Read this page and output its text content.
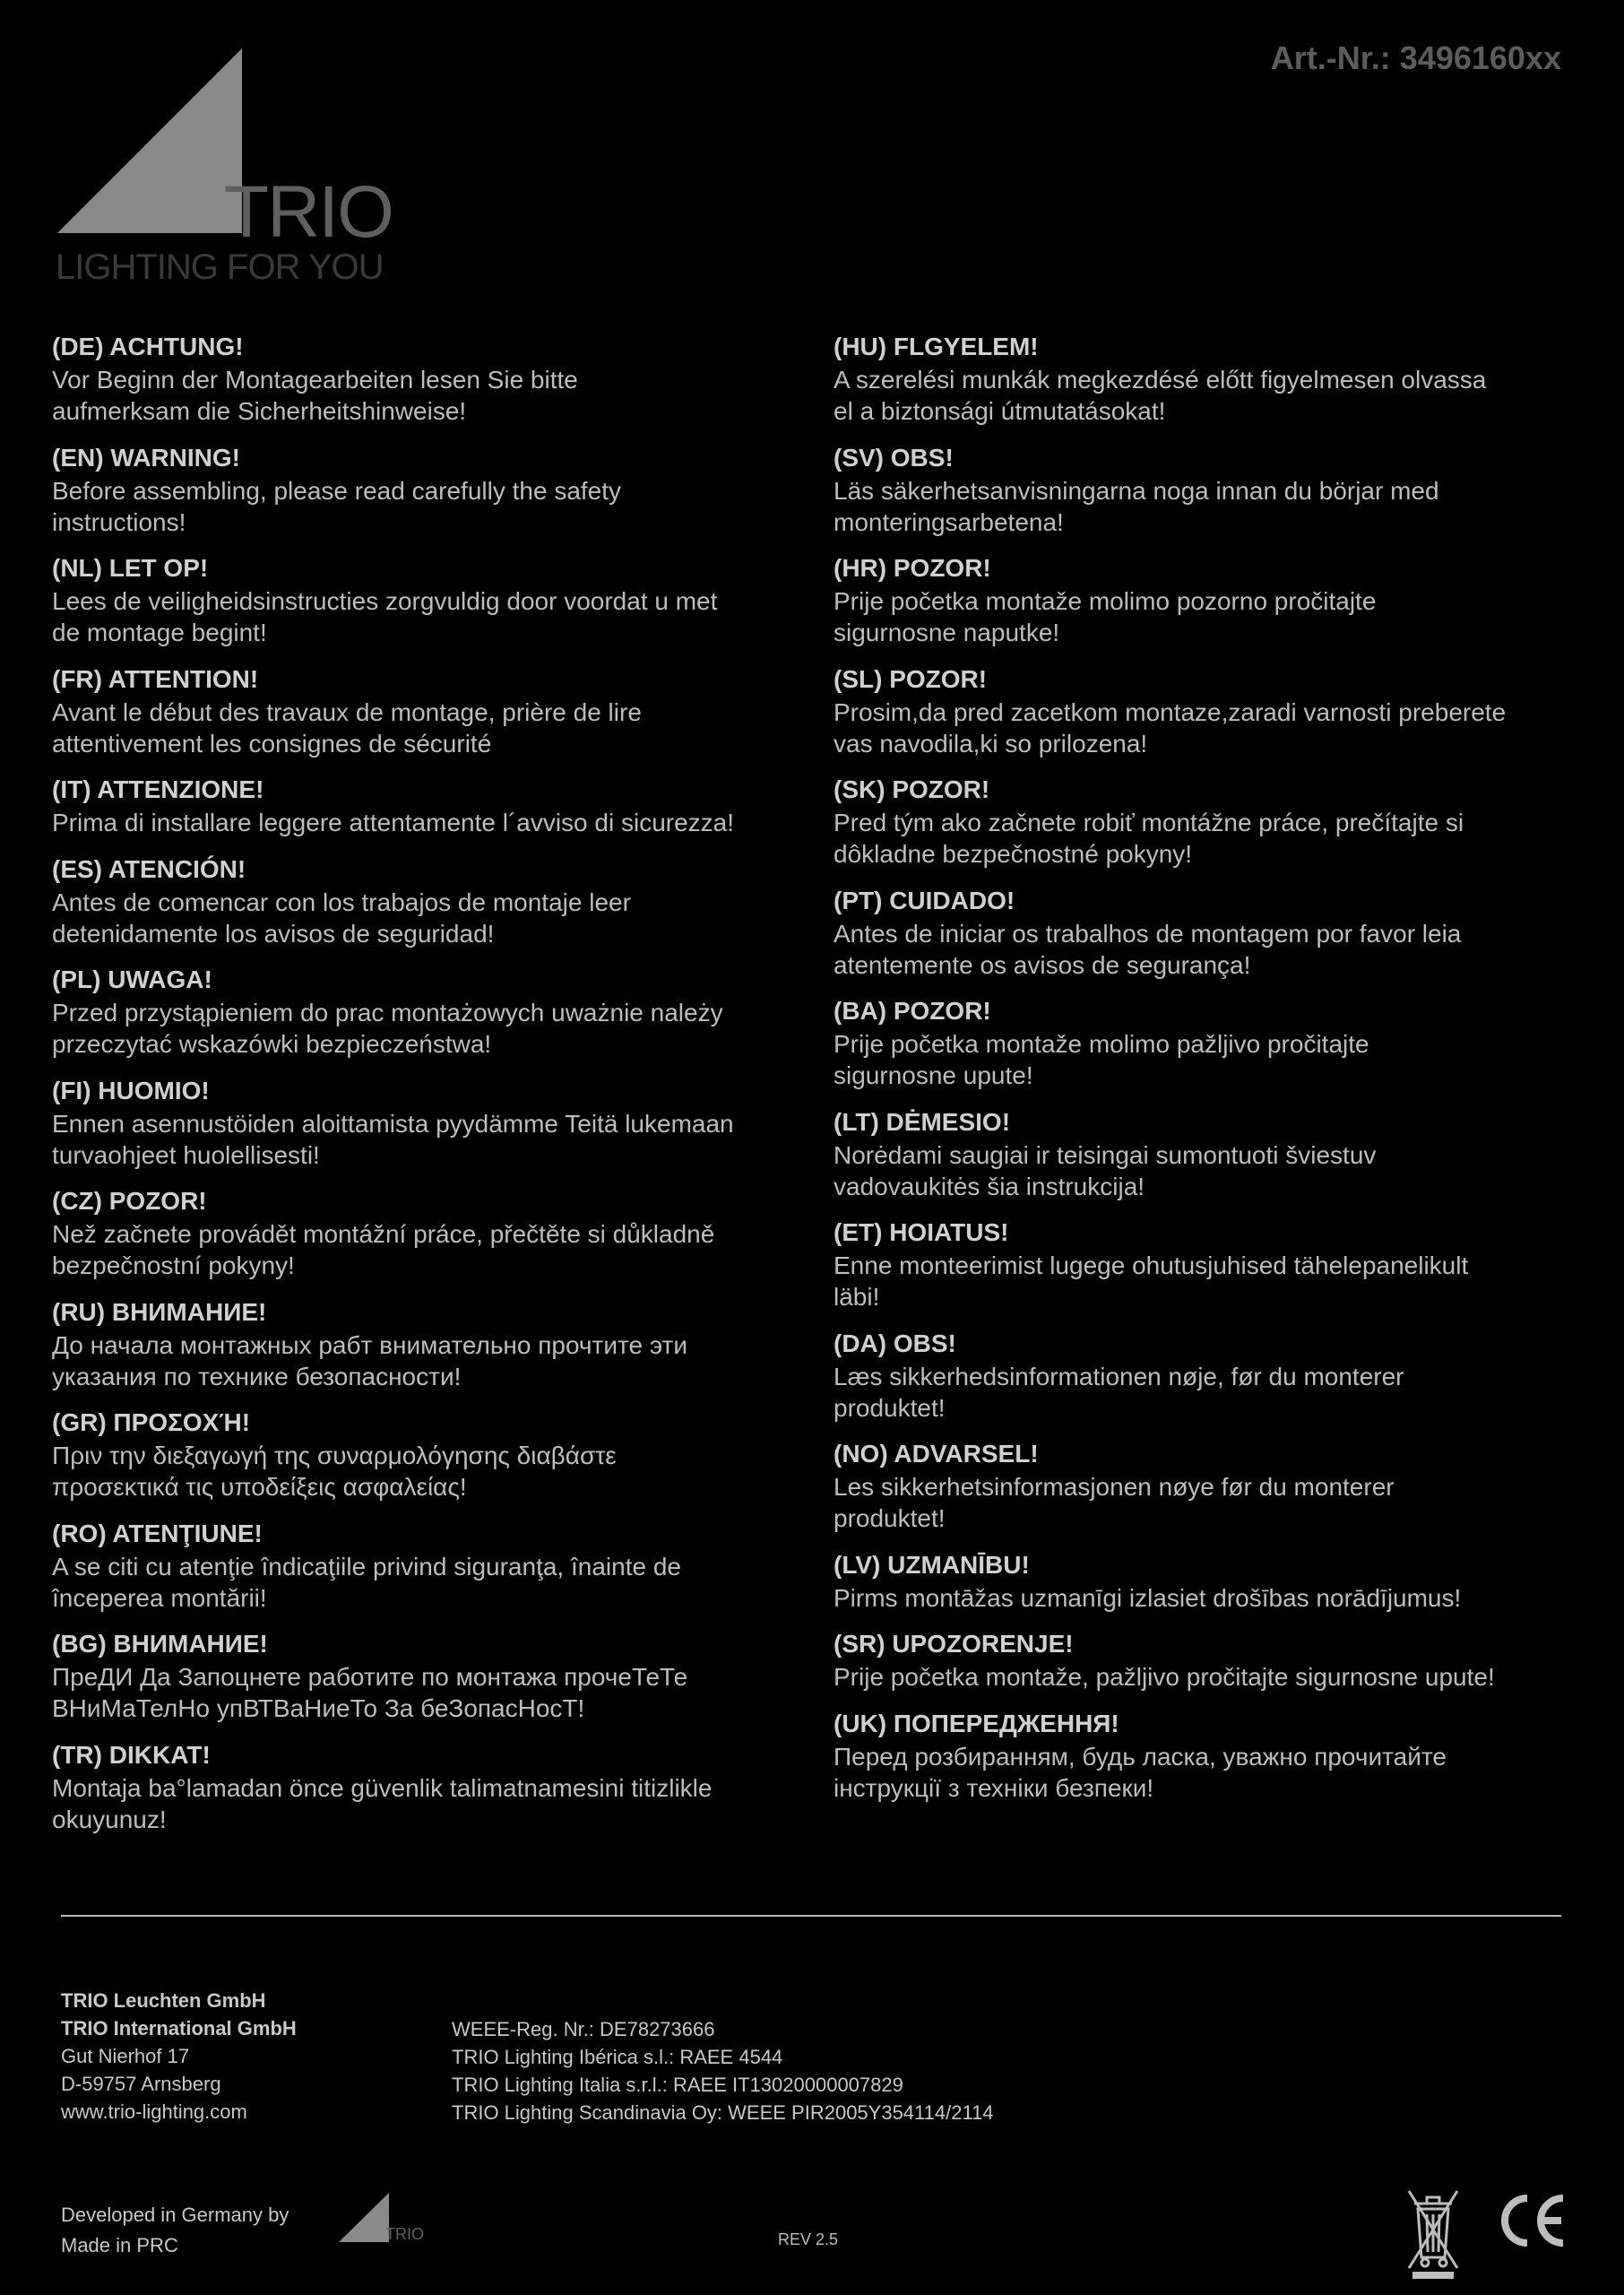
Art.-Nr.: 3496160xx
TRIO
LIGHTING FOR YOU
(DE) ACHTUNG!
Vor Beginn der Montagearbeiten lesen Sie bitte
aufmerksam die Sicherheitshinweise!
(EN) WARNING!
Before assembling, please read carefully the safety
instructions!
(NL) LET OP!
Lees de veiligheidsinstructies zorgvuldig door voordat u met
de montage begint!
(FR) ATTENTION!
Avant le début des travaux de montage, prière de lire
attentivement les consignes de sécurité
(IT) ATTENZIONE!
Prima di installare leggere attentamente l´avviso di sicurezza!
(ES) ATENCIÓN!
Antes de comencar con los trabajos de montaje leer
detenidamente los avisos de seguridad!
(PL) UWAGA!
Przed przystąpieniem do prac montażowych uważnie należy
przeczytać wskazówki bezpieczeństwa!
(FI) HUOMIO!
Ennen asennustöiden aloittamista pyydämme Teitä lukemaan
turvaohjeet huolellisesti!
(CZ) POZOR!
Než začnete provádět montážní práce, přečtěte si důkladně
bezpečnostní pokyny!
(RU) ВНИМАНИЕ!
До начала монтажных рабт внимательно прочтите эти
указания по технике безопасности!
(GR) ΠΡΟΣΟΧΉ!
Πριν την διεξαγωγή της συναρμολόγησης διαβάστε
προσεκτικά τις υποδείξεις ασφαλείας!
(RO) ATENŢIUNE!
A se citi cu atenţie îndicaţiile privind siguranţa, înainte de
începerea montării!
(BG) ВНИМАНИЕ!
ПреДИ Да Запоцнете работите по монтажа прочеТеТе
ВНиМаТелНо упВТВаНиеТо За беЗопасНосТ!
(TR) DIKKAT!
Montaja ba°lamadan önce güvenlik talimatnamesini titizlikle
okuyunuz!
(HU) FLGYELEM!
A szerelési munkák megkezdésé előtt figyelmesen olvassa
el a biztonsági útmutatásokat!
(SV) OBS!
Läs säkerhetsanvisningarna noga innan du börjar med
monteringsarbetena!
(HR) POZOR!
Prije početka montaže molimo pozorno pročitajte
sigurnosne naputke!
(SL) POZOR!
Prosim,da pred zacetkom montaze,zaradi varnosti preberete
vas navodila,ki so prilozena!
(SK) POZOR!
Pred tým ako začnete robiť montážne práce, prečítajte si
dôkladne bezpečnostné pokyny!
(PT) CUIDADO!
Antes de iniciar os trabalhos de montagem por favor leia
atentemente os avisos de segurança!
(BA) POZOR!
Prije početka montaže molimo pažljivo pročitajte
sigurnosne upute!
(LT) DĖMESIO!
Norėdami saugiai ir teisingai sumontuoti šviestuv
vadovaukitės šia instrukcija!
(ET) HOIATUS!
Enne monteerimist lugege ohutusjuhised tähelepanelikult
läbi!
(DA) OBS!
Læs sikkerhedsinformationen nøje, før du monterer
produktet!
(NO) ADVARSEL!
Les sikkerhetsinformasjonen nøye før du monterer
produktet!
(LV) UZMANĪBU!
Pirms montāžas uzmanīgi izlasiet drošības norādījumus!
(SR) UPOZORENJE!
Prije početka montaže, pažljivo pročitajte sigurnosne upute!
(UK) ПОПЕРЕДЖЕННЯ!
Перед розбиранням, будь ласка, уважно прочитайте
інструкції з техніки безпеки!
TRIO Leuchten GmbH
TRIO International GmbH
Gut Nierhof 17
D-59757 Arnsberg
www.trio-lighting.com
WEEE-Reg. Nr.: DE78273666
TRIO Lighting Ibérica s.l.: RAEE 4544
TRIO Lighting Italia s.r.l.: RAEE IT13020000007829
TRIO Lighting Scandinavia Oy: WEEE PIR2005Y354114/2114
Developed in Germany by
Made in PRC	TRIO	REV 2.5
